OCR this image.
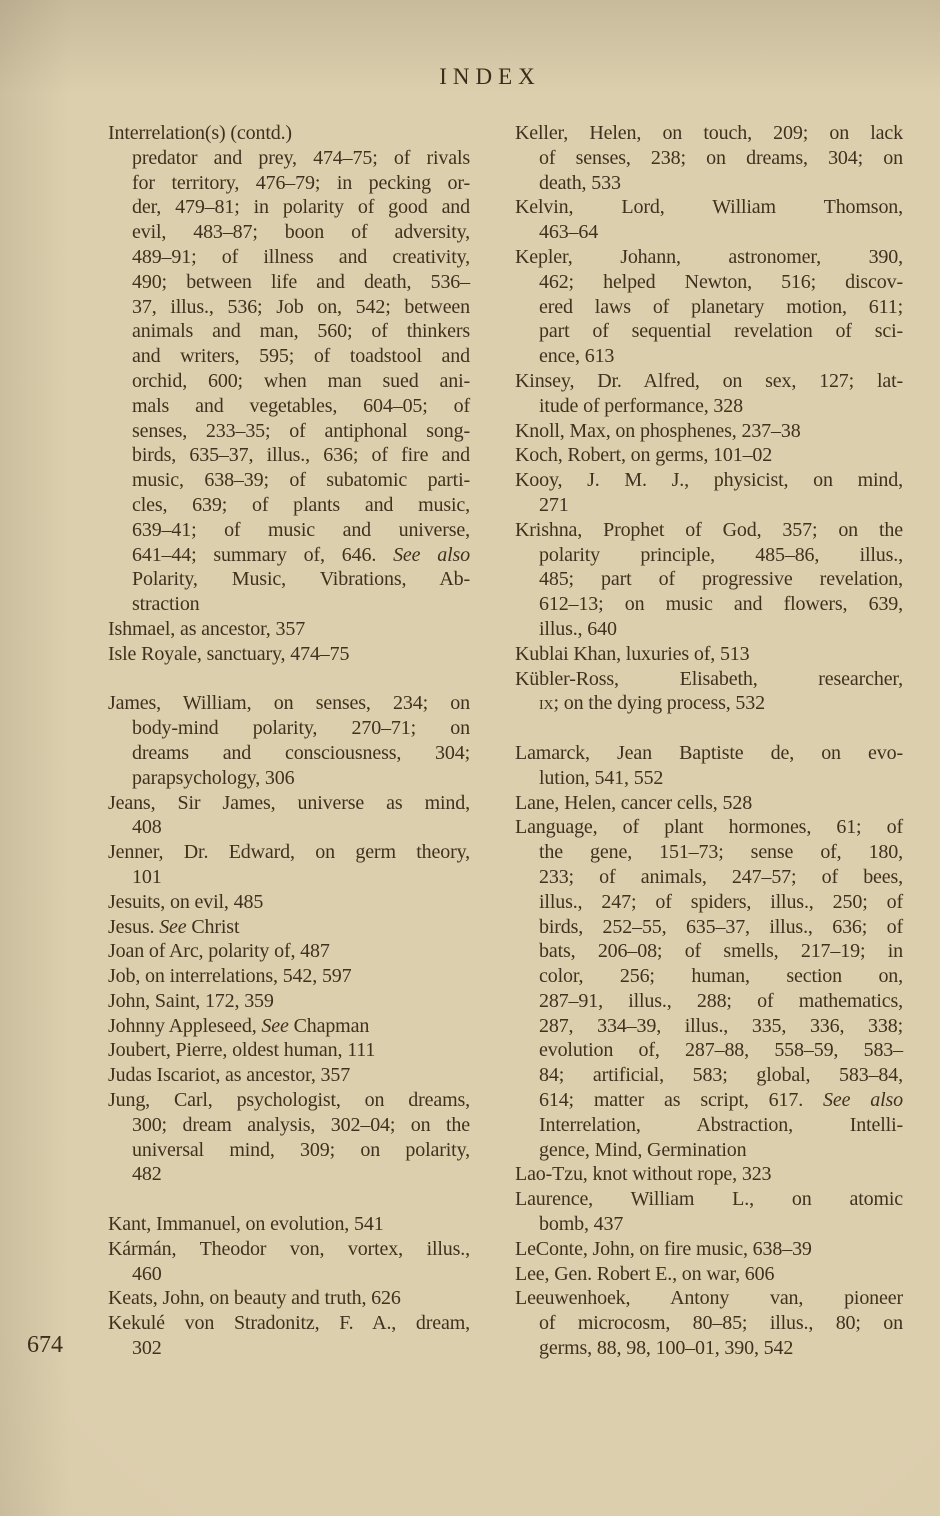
INDEX
Interrelation(s) (contd.)
predator and prey, 474–75; of rivals
for territory, 476–79; in pecking or-
der, 479–81; in polarity of good and
evil, 483–87; boon of adversity,
489–91; of illness and creativity,
490; between life and death, 536–
37, illus., 536; Job on, 542; between
animals and man, 560; of thinkers
and writers, 595; of toadstool and
orchid, 600; when man sued ani-
mals and vegetables, 604–05; of
senses, 233–35; of antiphonal song-
birds, 635–37, illus., 636; of fire and
music, 638–39; of subatomic parti-
cles, 639; of plants and music,
639–41; of music and universe,
641–44; summary of, 646. See also
Polarity, Music, Vibrations, Ab-
straction
Ishmael, as ancestor, 357
Isle Royale, sanctuary, 474–75
James, William, on senses, 234; on
body-mind polarity, 270–71; on
dreams and consciousness, 304;
parapsychology, 306
Jeans, Sir James, universe as mind,
408
Jenner, Dr. Edward, on germ theory,
101
Jesuits, on evil, 485
Jesus. See Christ
Joan of Arc, polarity of, 487
Job, on interrelations, 542, 597
John, Saint, 172, 359
Johnny Appleseed, See Chapman
Joubert, Pierre, oldest human, 111
Judas Iscariot, as ancestor, 357
Jung, Carl, psychologist, on dreams,
300; dream analysis, 302–04; on the
universal mind, 309; on polarity,
482
Kant, Immanuel, on evolution, 541
Kármán, Theodor von, vortex, illus.,
460
Keats, John, on beauty and truth, 626
Kekulé von Stradonitz, F. A., dream,
302
Keller, Helen, on touch, 209; on lack
of senses, 238; on dreams, 304; on
death, 533
Kelvin, Lord, William Thomson,
463–64
Kepler, Johann, astronomer, 390,
462; helped Newton, 516; discov-
ered laws of planetary motion, 611;
part of sequential revelation of sci-
ence, 613
Kinsey, Dr. Alfred, on sex, 127; lat-
itude of performance, 328
Knoll, Max, on phosphenes, 237–38
Koch, Robert, on germs, 101–02
Kooy, J. M. J., physicist, on mind,
271
Krishna, Prophet of God, 357; on the
polarity principle, 485–86, illus.,
485; part of progressive revelation,
612–13; on music and flowers, 639,
illus., 640
Kublai Khan, luxuries of, 513
Kübler-Ross, Elisabeth, researcher,
ix; on the dying process, 532
Lamarck, Jean Baptiste de, on evo-
lution, 541, 552
Lane, Helen, cancer cells, 528
Language, of plant hormones, 61; of
the gene, 151–73; sense of, 180,
233; of animals, 247–57; of bees,
illus., 247; of spiders, illus., 250; of
birds, 252–55, 635–37, illus., 636; of
bats, 206–08; of smells, 217–19; in
color, 256; human, section on,
287–91, illus., 288; of mathematics,
287, 334–39, illus., 335, 336, 338;
evolution of, 287–88, 558–59, 583–
84; artificial, 583; global, 583–84,
614; matter as script, 617. See also
Interrelation, Abstraction, Intelli-
gence, Mind, Germination
Lao-Tzu, knot without rope, 323
Laurence, William L., on atomic
bomb, 437
LeConte, John, on fire music, 638–39
Lee, Gen. Robert E., on war, 606
Leeuwenhoek, Antony van, pioneer
of microcosm, 80–85; illus., 80; on
germs, 88, 98, 100–01, 390, 542
674
